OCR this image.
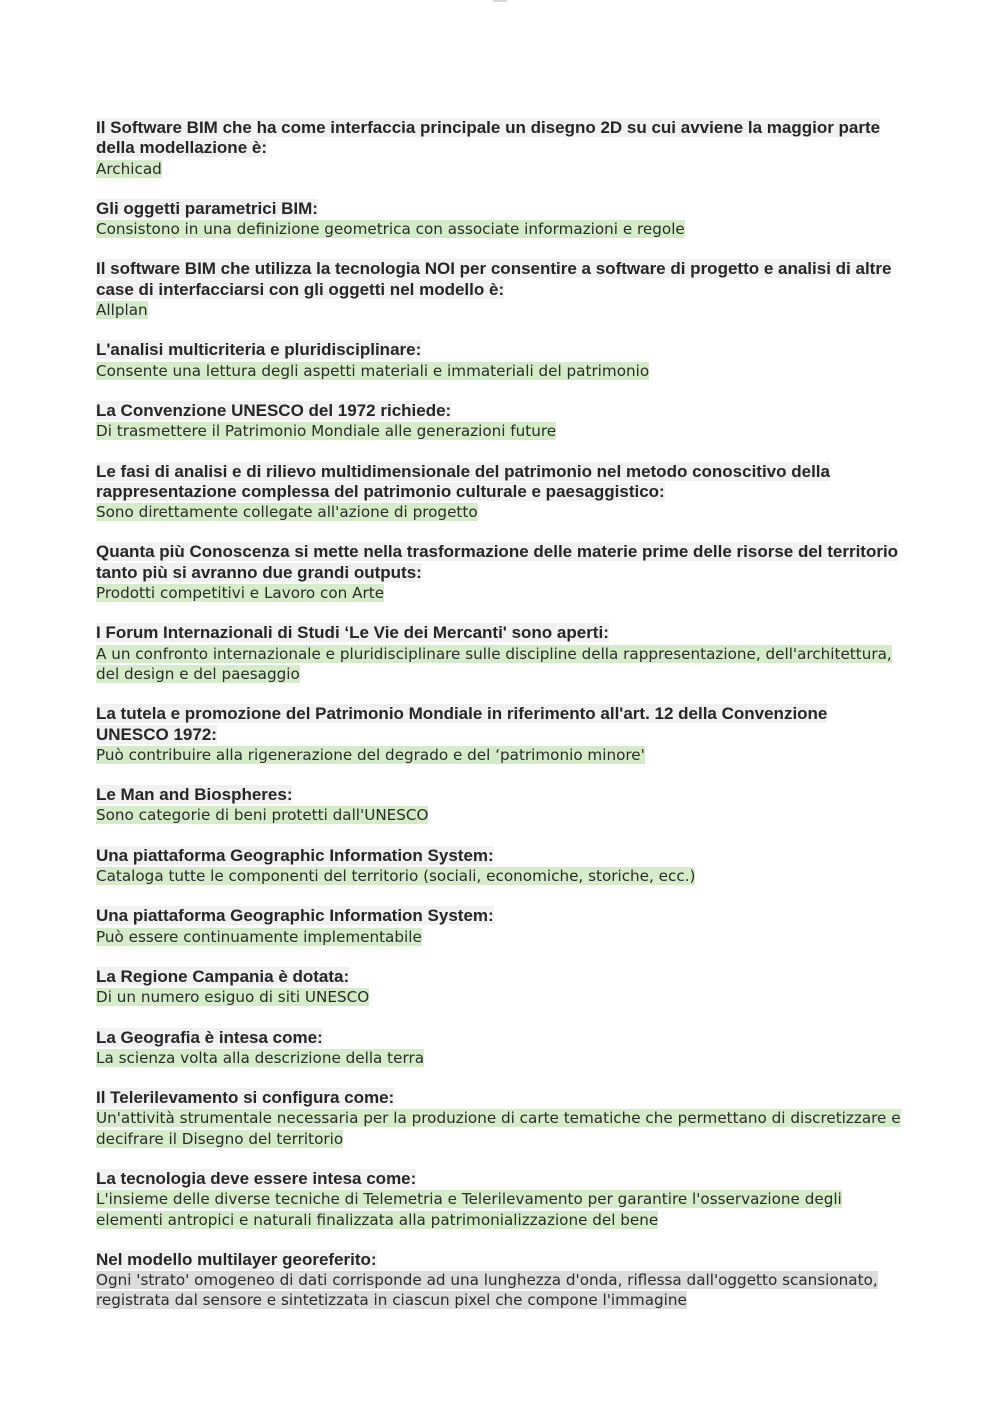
Il Software BIM che ha come interfaccia principale un disegno 2D su cui avviene la maggior parte della modellazione è:
Archicad
Gli oggetti parametrici BIM:
Consistono in una definizione geometrica con associate informazioni e regole
Il software BIM che utilizza la tecnologia NOI per consentire a software di progetto e analisi di altre case di interfacciarsi con gli oggetti nel modello è:
Allplan
L'analisi multicriteria e pluridisciplinare:
Consente una lettura degli aspetti materiali e immateriali del patrimonio
La Convenzione UNESCO del 1972 richiede:
Di trasmettere il Patrimonio Mondiale alle generazioni future
Le fasi di analisi e di rilievo multidimensionale del patrimonio nel metodo conoscitivo della rappresentazione complessa del patrimonio culturale e paesaggistico:
Sono direttamente collegate all'azione di progetto
Quanta più Conoscenza si mette nella trasformazione delle materie prime delle risorse del territorio tanto più si avranno due grandi outputs:
Prodotti competitivi e Lavoro con Arte
I Forum Internazionali di Studi ‘Le Vie dei Mercanti' sono aperti:
A un confronto internazionale e pluridisciplinare sulle discipline della rappresentazione, dell'architettura, del design e del paesaggio
La tutela e promozione del Patrimonio Mondiale in riferimento all'art. 12 della Convenzione UNESCO 1972:
Può contribuire alla rigenerazione del degrado e del ‘patrimonio minore'
Le Man and Biospheres:
Sono categorie di beni protetti dall'UNESCO
Una piattaforma Geographic Information System:
Cataloga tutte le componenti del territorio (sociali, economiche, storiche, ecc.)
Una piattaforma Geographic Information System:
Può essere continuamente implementabile
La Regione Campania è dotata:
Di un numero esiguo di siti UNESCO
La Geografia è intesa come:
La scienza volta alla descrizione della terra
Il Telerilevamento si configura come:
Un'attività strumentale necessaria per la produzione di carte tematiche che permettano di discretizzare e decifrare il Disegno del territorio
La tecnologia deve essere intesa come:
L'insieme delle diverse tecniche di Telemetria e Telerilevamento per garantire l'osservazione degli elementi antropici e naturali finalizzata alla patrimonializzazione del bene
Nel modello multilayer georeferito:
Ogni 'strato' omogeneo di dati corrisponde ad una lunghezza d'onda, riflessa dall'oggetto scansionato, registrata dal sensore e sintetizzata in ciascun pixel che compone l'immagine
